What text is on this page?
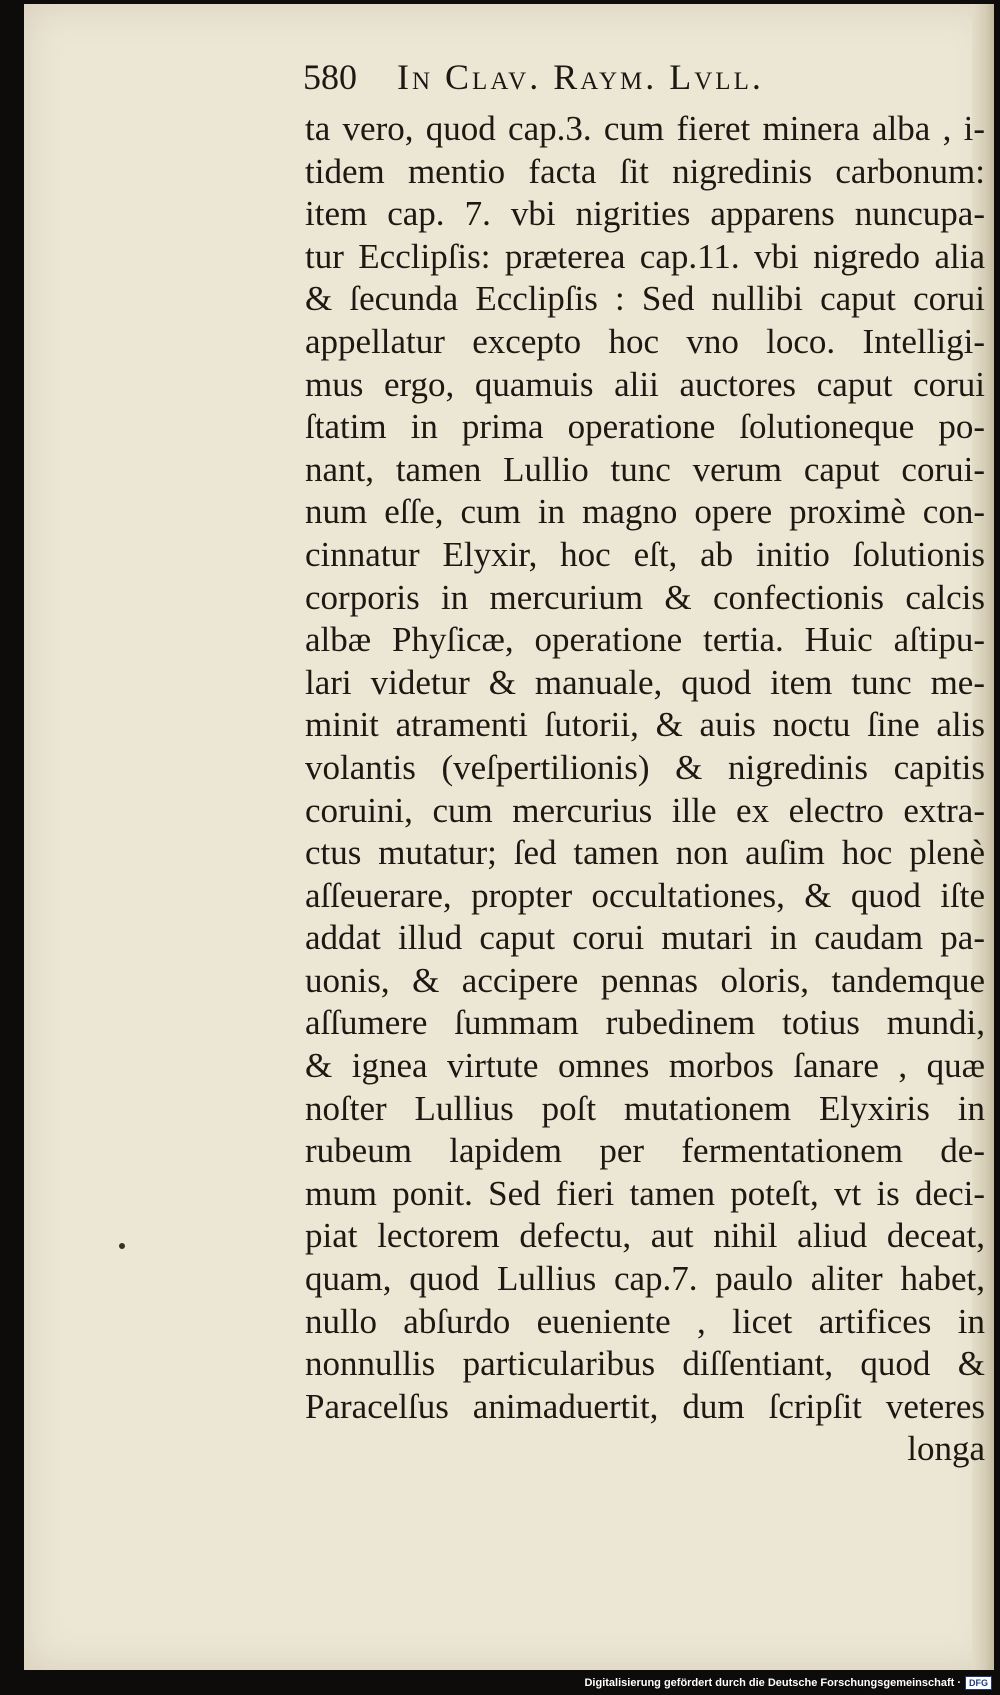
580 In Clav. Raym. Lvll.
ta vero, quod cap.3. cum fieret minera alba , i-
tidem mentio facta ſit nigredinis carbonum:
item cap. 7. vbi nigrities apparens nuncupa-
tur Ecclipſis: prætereа cap.11. vbi nigredo alia
& ſecunda Ecclipſis : Sed nullibi caput corui
appellatur excepto hoc vno loco. Intelligi-
mus ergo, quamuis alii auctores caput corui
ſtatim in prima operatione ſolutioneque po-
nant, tamen Lullio tunc verum caput corui-
num eſſe, cum in magno opere proximè con-
cinnatur Elyxir, hoc eſt, ab initio ſolutionis
corporis in mercurium & confectionis calcis
albæ Phyſicæ, operatione tertia. Huic aſtipu-
lari videtur & manuale, quod item tunc me-
minit atramenti ſutorii, & auis noctu ſine alis
volantis (veſpertilionis) & nigredinis capitis
coruini, cum mercurius ille ex electro extra-
ctus mutatur; ſed tamen non auſim hoc plenè
aſſeuerare, propter occultationes, & quod iſte
addat illud caput corui mutari in caudam pa-
uonis, & accipere pennas oloris, tandemque
aſſumere ſummam rubedinem totius mundi,
& ignea virtute omnes morbos ſanare , quæ
noſter Lullius poſt mutationem Elyxiris in
rubeum lapidem per fermentationem de-
mum ponit. Sed fieri tamen poteſt, vt is deci-
piat lectorem defectu, aut nihil aliud deceat,
quam, quod Lullius cap.7. paulo aliter habet,
nullo abſurdo eueniente , licet artifices in
nonnullis particularibus diſſentiant, quod &
Paracelſus animaduertit, dum ſcripſit veteres
longa
Digitalisierung gefördert durch die Deutsche Forschungsgemeinschaft · DFG
